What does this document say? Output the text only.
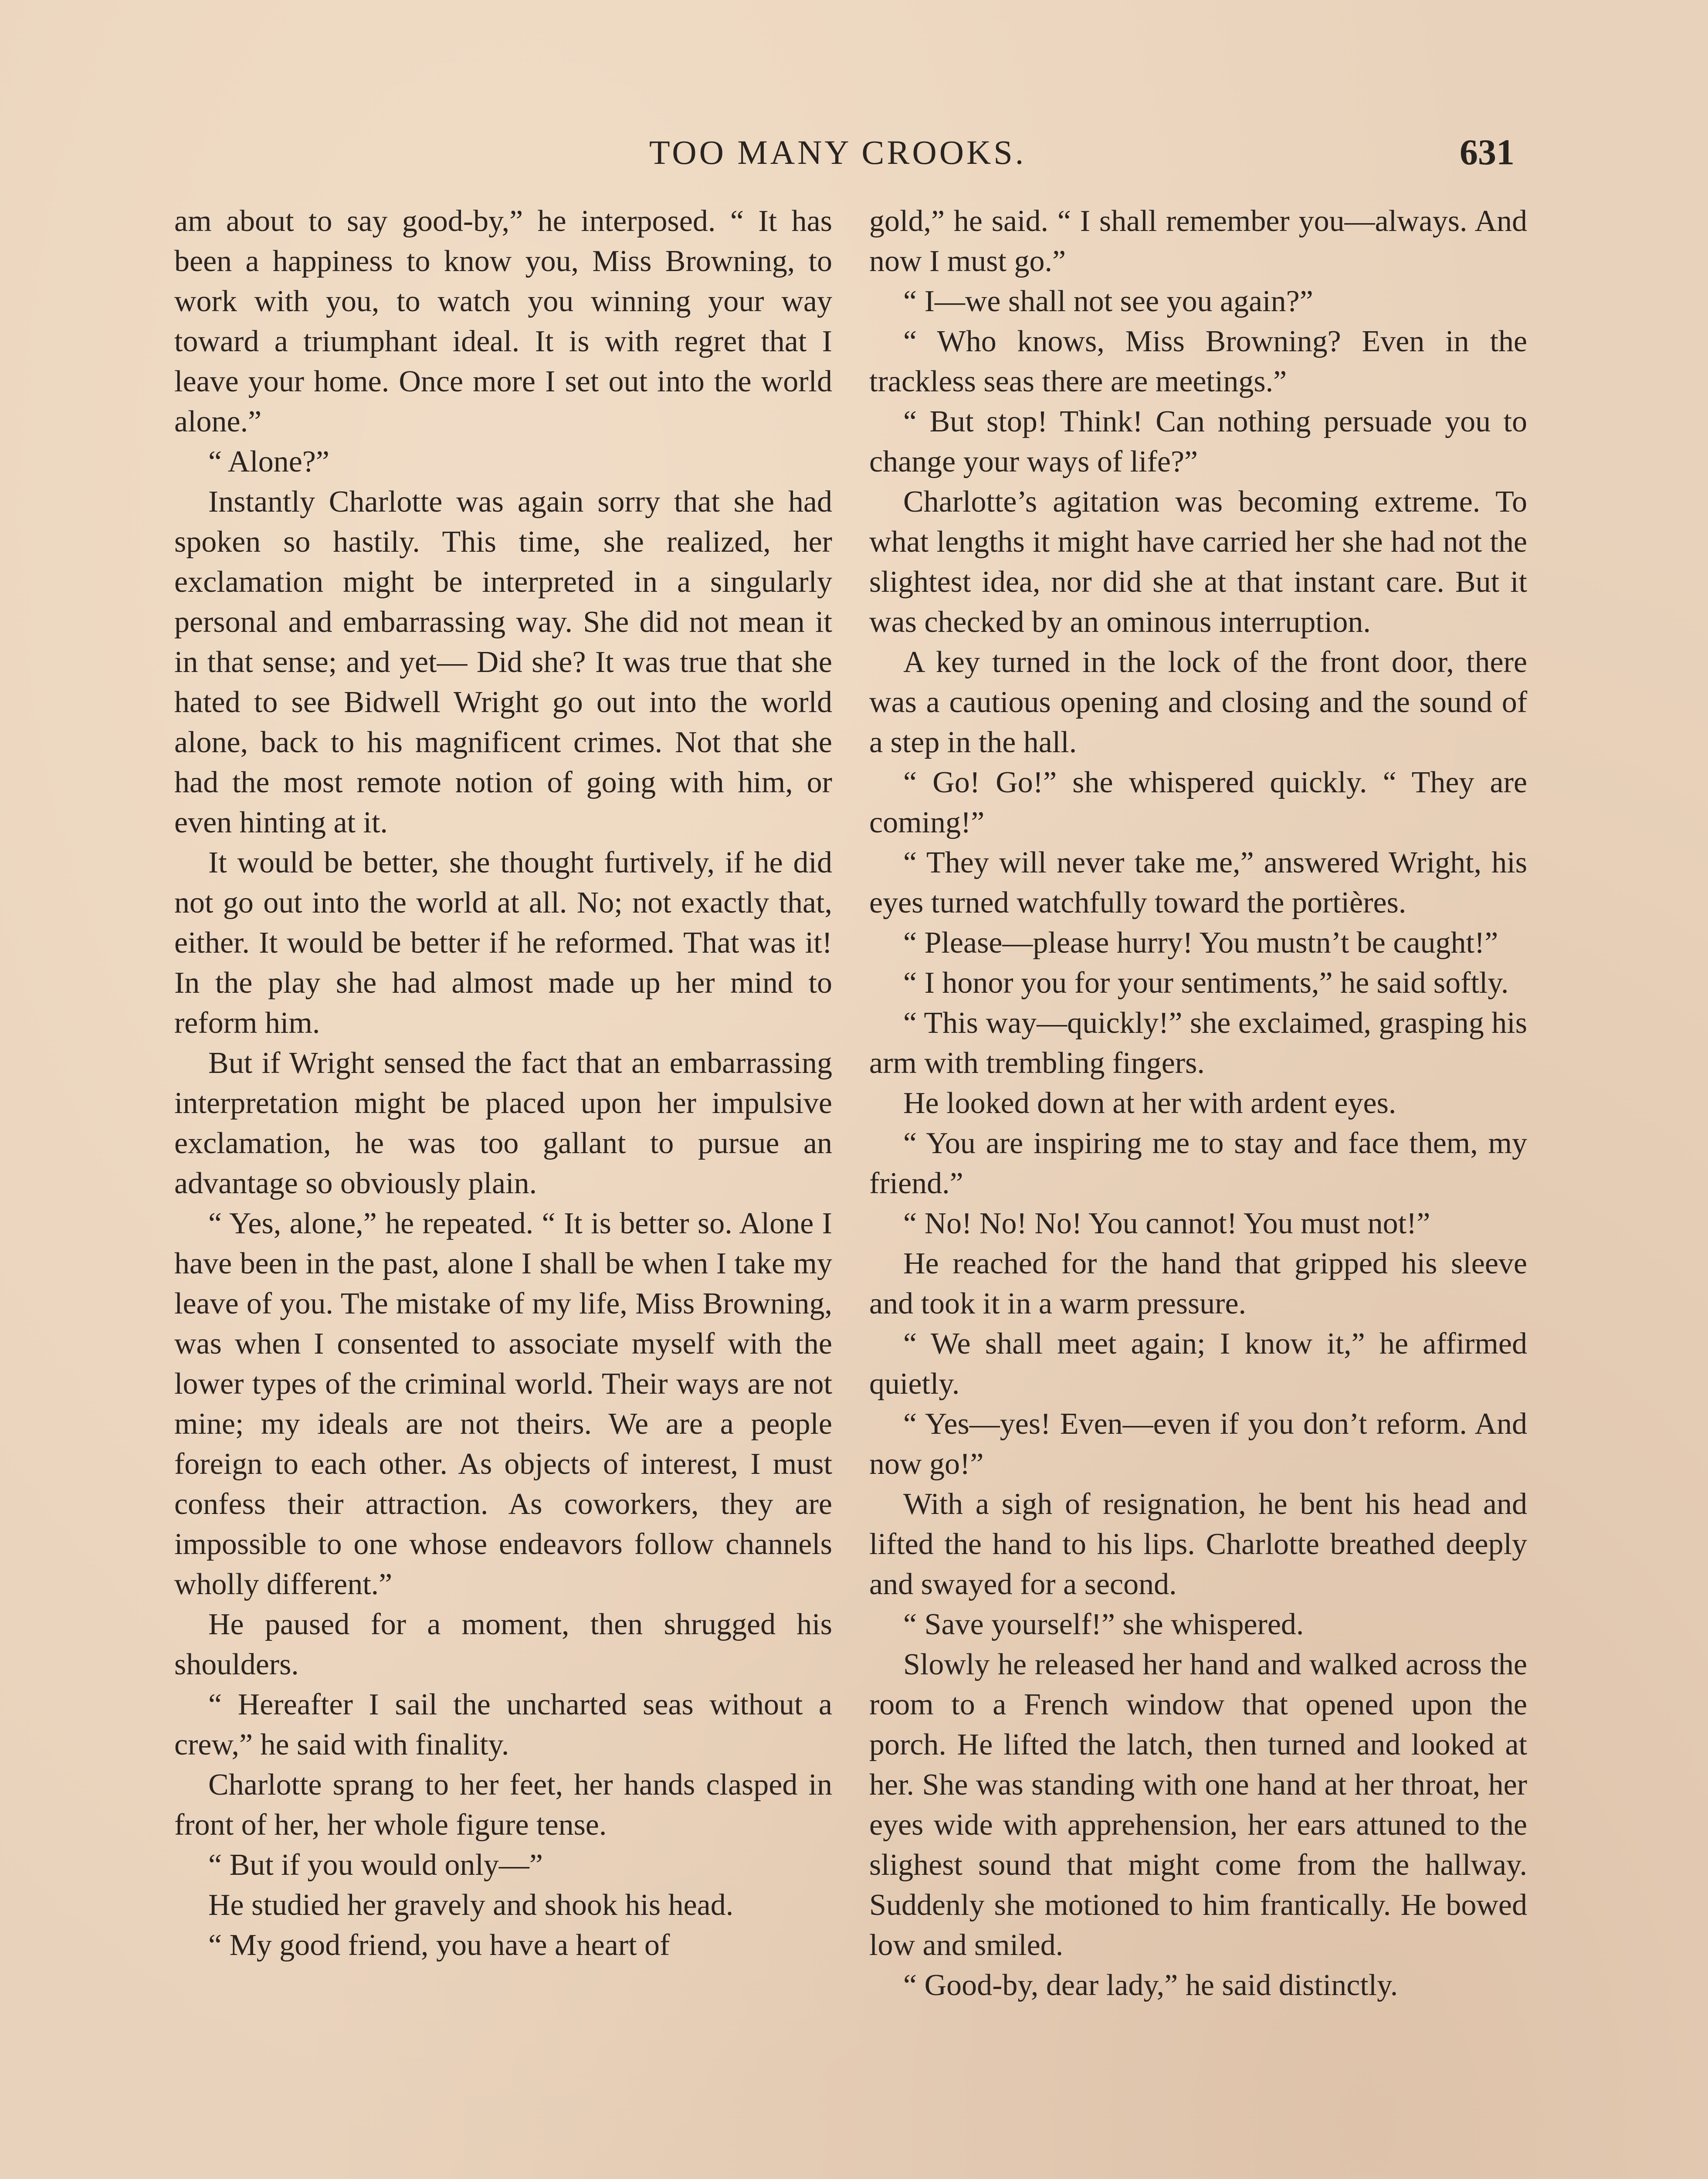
TOO MANY CROOKS.	631

am about to say good-by,” he interposed. “ It has been a happiness to know you, Miss Browning, to work with you, to watch you winning your way toward a triumphant ideal. It is with regret that I leave your home. Once more I set out into the world alone.”

“ Alone?”

Instantly Charlotte was again sorry that she had spoken so hastily. This time, she realized, her exclamation might be interpreted in a singularly personal and embarrassing way. She did not mean it in that sense; and yet— Did she? It was true that she hated to see Bidwell Wright go out into the world alone, back to his magnificent crimes. Not that she had the most remote notion of going with him, or even hinting at it.

It would be better, she thought furtively, if he did not go out into the world at all. No; not exactly that, either. It would be better if he reformed. That was it! In the play she had almost made up her mind to reform him.

But if Wright sensed the fact that an embarrassing interpretation might be placed upon her impulsive exclamation, he was too gallant to pursue an advantage so obviously plain.

“ Yes, alone,” he repeated. “ It is better so. Alone I have been in the past, alone I shall be when I take my leave of you. The mistake of my life, Miss Browning, was when I consented to associate myself with the lower types of the criminal world. Their ways are not mine; my ideals are not theirs. We are a people foreign to each other. As objects of interest, I must confess their attraction. As coworkers, they are impossible to one whose endeavors follow channels wholly different.”

He paused for a moment, then shrugged his shoulders.

“ Hereafter I sail the uncharted seas without a crew,” he said with finality.

Charlotte sprang to her feet, her hands clasped in front of her, her whole figure tense.

“ But if you would only—”

He studied her gravely and shook his head.

“ My good friend, you have a heart of

gold,” he said. “ I shall remember you—always. And now I must go.”

“ I—we shall not see you again?”

“ Who knows, Miss Browning? Even in the trackless seas there are meetings.”

“ But stop! Think! Can nothing persuade you to change your ways of life?”

Charlotte’s agitation was becoming extreme. To what lengths it might have carried her she had not the slightest idea, nor did she at that instant care. But it was checked by an ominous interruption.

A key turned in the lock of the front door, there was a cautious opening and closing and the sound of a step in the hall.

“ Go! Go!” she whispered quickly. “ They are coming!”

“ They will never take me,” answered Wright, his eyes turned watchfully toward the portières.

“ Please—please hurry! You mustn’t be caught!”

“ I honor you for your sentiments,” he said softly.

“ This way—quickly!” she exclaimed, grasping his arm with trembling fingers.

He looked down at her with ardent eyes.

“ You are inspiring me to stay and face them, my friend.”

“ No! No! No! You cannot! You must not!”

He reached for the hand that gripped his sleeve and took it in a warm pressure.

“ We shall meet again; I know it,” he affirmed quietly.

“ Yes—yes! Even—even if you don’t reform. And now go!”

With a sigh of resignation, he bent his head and lifted the hand to his lips. Charlotte breathed deeply and swayed for a second.

“ Save yourself!” she whispered.

Slowly he released her hand and walked across the room to a French window that opened upon the porch. He lifted the latch, then turned and looked at her. She was standing with one hand at her throat, her eyes wide with apprehension, her ears attuned to the slighest sound that might come from the hallway. Suddenly she motioned to him frantically. He bowed low and smiled.

“ Good-by, dear lady,” he said distinctly.
